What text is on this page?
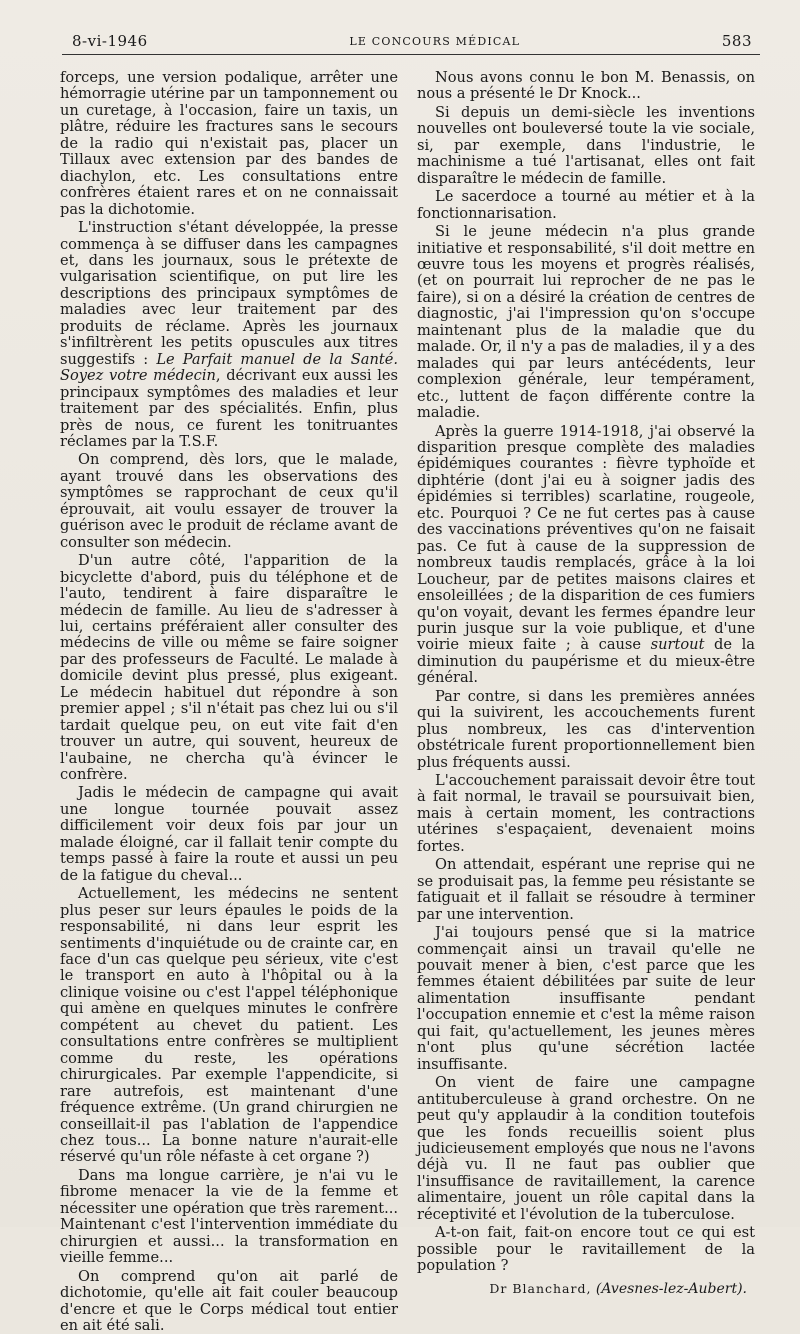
8-vi-1946	LE CONCOURS MÉDICAL	583

forceps, une version podalique, arrêter une hémorragie utérine par un tamponnement ou un curetage, à l'occasion, faire un taxis, un plâtre, réduire les fractures sans le secours de la radio qui n'existait pas, placer un Tillaux avec extension par des bandes de diachylon, etc. Les consultations entre confrères étaient rares et on ne connaissait pas la dichotomie.

L'instruction s'étant développée, la presse commença à se diffuser dans les campagnes et, dans les journaux, sous le prétexte de vulgarisation scientifique, on put lire les descriptions des principaux symptômes de maladies avec leur traitement par des produits de réclame. Après les journaux s'infiltrèrent les petits opuscules aux titres suggestifs : Le Parfait manuel de la Santé. Soyez votre médecin, décrivant eux aussi les principaux symptômes des maladies et leur traitement par des spécialités. Enfin, plus près de nous, ce furent les tonitruantes réclames par la T.S.F.

On comprend, dès lors, que le malade, ayant trouvé dans les observations des symptômes se rapprochant de ceux qu'il éprouvait, ait voulu essayer de trouver la guérison avec le produit de réclame avant de consulter son médecin.

D'un autre côté, l'apparition de la bicyclette d'abord, puis du téléphone et de l'auto, tendirent à faire disparaître le médecin de famille. Au lieu de s'adresser à lui, certains préféraient aller consulter des médecins de ville ou même se faire soigner par des professeurs de Faculté. Le malade à domicile devint plus pressé, plus exigeant. Le médecin habituel dut répondre à son premier appel ; s'il n'était pas chez lui ou s'il tardait quelque peu, on eut vite fait d'en trouver un autre, qui souvent, heureux de l'aubaine, ne chercha qu'à évincer le confrère.

Jadis le médecin de campagne qui avait une longue tournée pouvait assez difficilement voir deux fois par jour un malade éloigné, car il fallait tenir compte du temps passé à faire la route et aussi un peu de la fatigue du cheval...

Actuellement, les médecins ne sentent plus peser sur leurs épaules le poids de la responsabilité, ni dans leur esprit les sentiments d'inquiétude ou de crainte car, en face d'un cas quelque peu sérieux, vite c'est le transport en auto à l'hôpital ou à la clinique voisine ou c'est l'appel téléphonique qui amène en quelques minutes le confrère compétent au chevet du patient. Les consultations entre confrères se multiplient comme du reste, les opérations chirurgicales. Par exemple l'appendicite, si rare autrefois, est maintenant d'une fréquence extrême. (Un grand chirurgien ne conseillait-il pas l'ablation de l'appendice chez tous... La bonne nature n'aurait-elle réservé qu'un rôle néfaste à cet organe ?)

Dans ma longue carrière, je n'ai vu le fibrome menacer la vie de la femme et nécessiter une opération que très rarement... Maintenant c'est l'intervention immédiate du chirurgien et aussi... la transformation en vieille femme...

On comprend qu'on ait parlé de dichotomie, qu'elle ait fait couler beaucoup d'encre et que le Corps médical tout entier en ait été sali.

Nous avons connu le bon M. Benassis, on nous a présenté le Dr Knock...

Si depuis un demi-siècle les inventions nouvelles ont bouleversé toute la vie sociale, si, par exemple, dans l'industrie, le machinisme a tué l'artisanat, elles ont fait disparaître le médecin de famille.

Le sacerdoce a tourné au métier et à la fonctionnarisation.

Si le jeune médecin n'a plus grande initiative et responsabilité, s'il doit mettre en œuvre tous les moyens et progrès réalisés, (et on pourrait lui reprocher de ne pas le faire), si on a désiré la création de centres de diagnostic, j'ai l'impression qu'on s'occupe maintenant plus de la maladie que du malade. Or, il n'y a pas de maladies, il y a des malades qui par leurs antécédents, leur complexion générale, leur tempérament, etc., luttent de façon différente contre la maladie.

Après la guerre 1914-1918, j'ai observé la disparition presque complète des maladies épidémiques courantes : fièvre typhoïde et diphtérie (dont j'ai eu à soigner jadis des épidémies si terribles) scarlatine, rougeole, etc. Pourquoi ? Ce ne fut certes pas à cause des vaccinations préventives qu'on ne faisait pas. Ce fut à cause de la suppression de nombreux taudis remplacés, grâce à la loi Loucheur, par de petites maisons claires et ensoleillées ; de la disparition de ces fumiers qu'on voyait, devant les fermes épandre leur purin jusque sur la voie publique, et d'une voirie mieux faite ; à cause surtout de la diminution du paupérisme et du mieux-être général.

Par contre, si dans les premières années qui la suivirent, les accouchements furent plus nombreux, les cas d'intervention obstétricale furent proportionnellement bien plus fréquents aussi.

L'accouchement paraissait devoir être tout à fait normal, le travail se poursuivait bien, mais à certain moment, les contractions utérines s'espaçaient, devenaient moins fortes.

On attendait, espérant une reprise qui ne se produisait pas, la femme peu résistante se fatiguait et il fallait se résoudre à terminer par une intervention.

J'ai toujours pensé que si la matrice commençait ainsi un travail qu'elle ne pouvait mener à bien, c'est parce que les femmes étaient débilitées par suite de leur alimentation insuffisante pendant l'occupation ennemie et c'est la même raison qui fait, qu'actuellement, les jeunes mères n'ont plus qu'une sécrétion lactée insuffisante.

On vient de faire une campagne antituberculeuse à grand orchestre. On ne peut qu'y applaudir à la condition toutefois que les fonds recueillis soient plus judicieusement employés que nous ne l'avons déjà vu. Il ne faut pas oublier que l'insuffisance de ravitaillement, la carence alimentaire, jouent un rôle capital dans la réceptivité et l'évolution de la tuberculose.

A-t-on fait, fait-on encore tout ce qui est possible pour le ravitaillement de la population ?

Dr Blanchard, (Avesnes-lez-Aubert).
